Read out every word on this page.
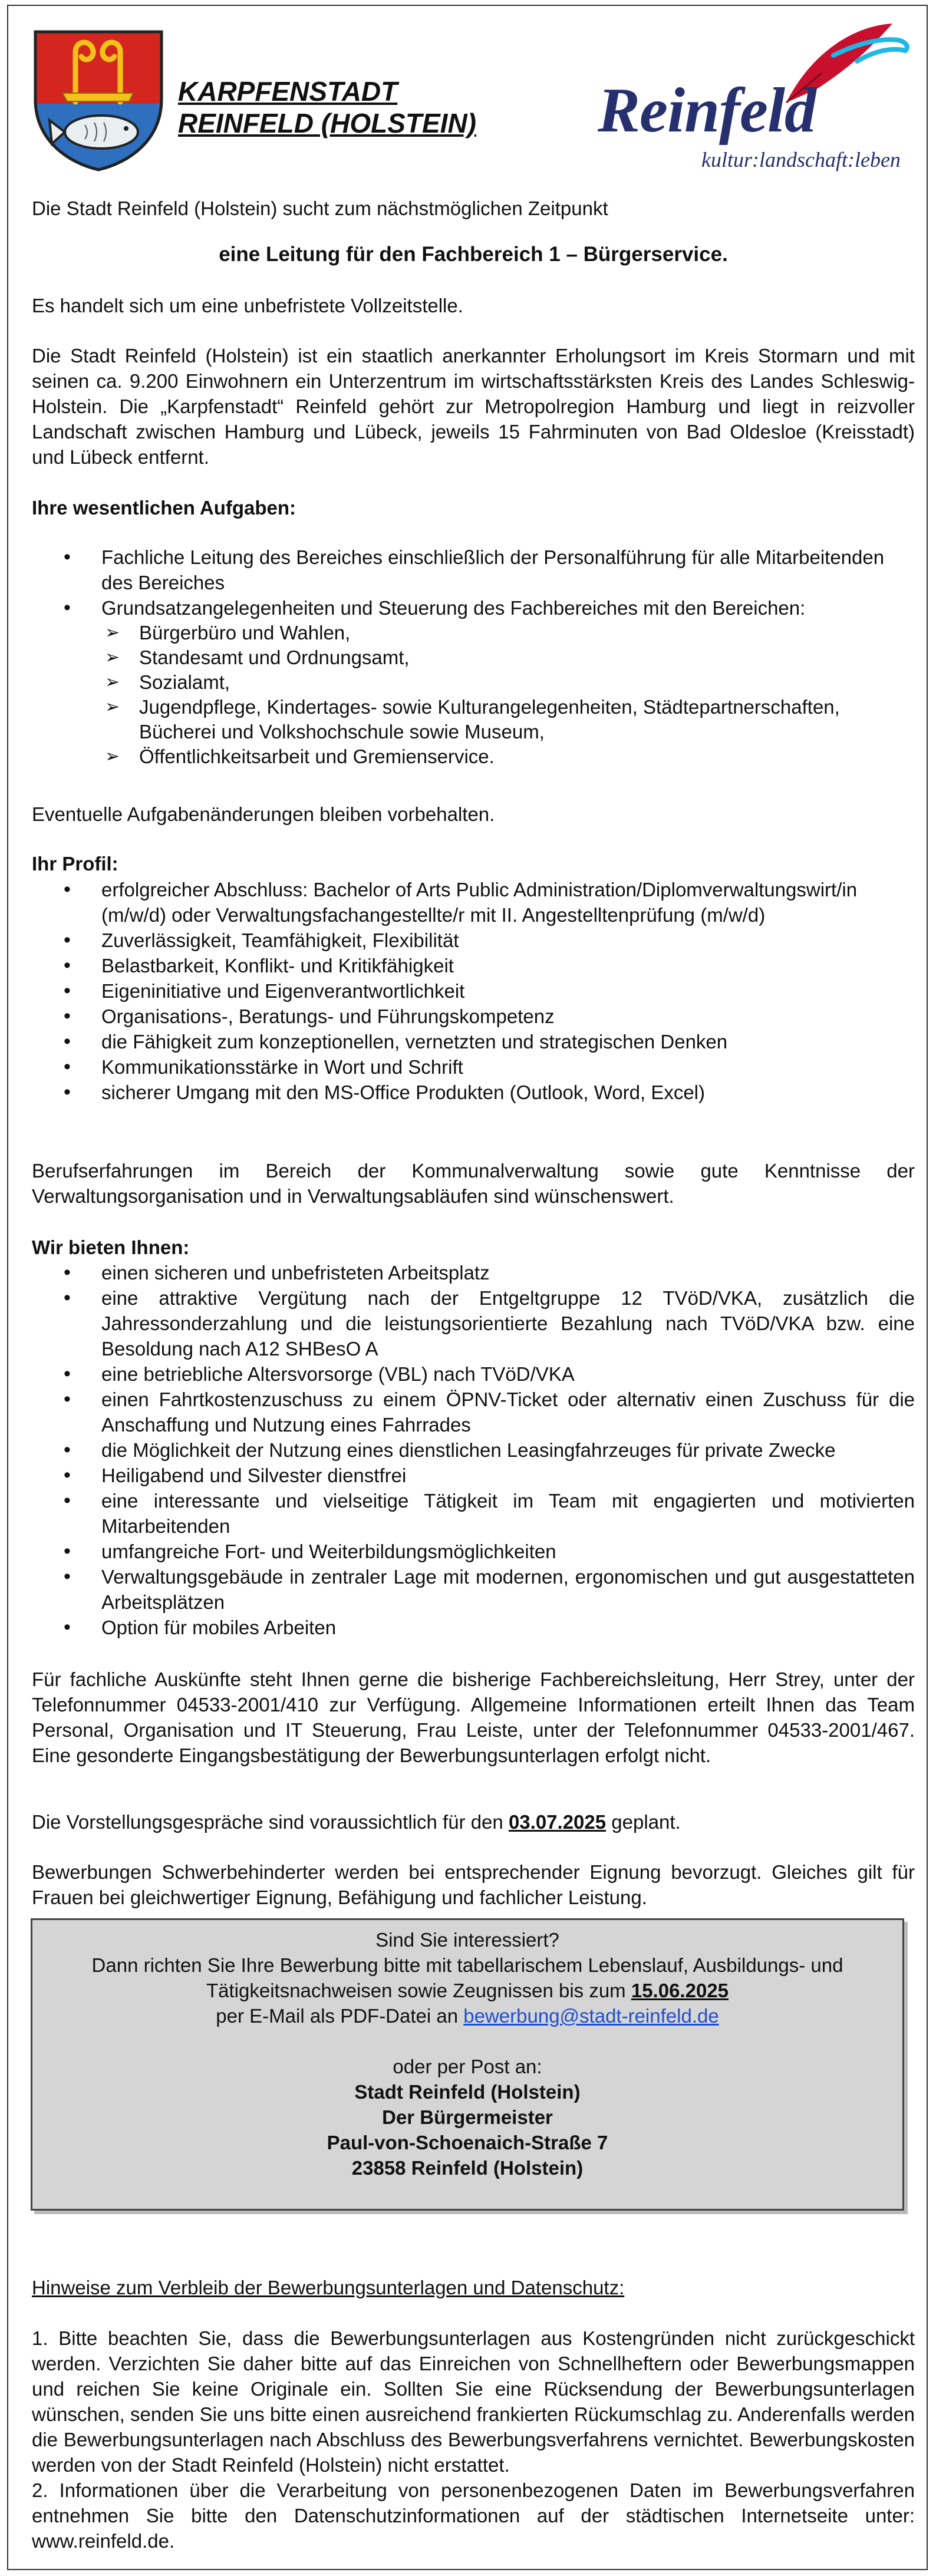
KARPFENSTADT
REINFELD (HOLSTEIN) Reinfeld
kultur:landschaft:leben

Die Stadt Reinfeld (Holstein) sucht zum nächstmöglichen Zeitpunkt

eine Leitung für den Fachbereich 1 – Bürgerservice.

Es handelt sich um eine unbefristete Vollzeitstelle.

Die Stadt Reinfeld (Holstein) ist ein staatlich anerkannter Erholungsort im Kreis Stormarn und mit seinen ca. 9.200 Einwohnern ein Unterzentrum im wirtschaftsstärksten Kreis des Landes Schleswig-Holstein. Die „Karpfenstadt“ Reinfeld gehört zur Metropolregion Hamburg und liegt in reizvoller Landschaft zwischen Hamburg und Lübeck, jeweils 15 Fahrminuten von Bad Oldesloe (Kreisstadt) und Lübeck entfernt.

Ihre wesentlichen Aufgaben:

• Fachliche Leitung des Bereiches einschließlich der Personalführung für alle Mitarbeitenden des Bereiches
• Grundsatzangelegenheiten und Steuerung des Fachbereiches mit den Bereichen:
➢ Bürgerbüro und Wahlen,
➢ Standesamt und Ordnungsamt,
➢ Sozialamt,
➢ Jugendpflege, Kindertages- sowie Kulturangelegenheiten, Städtepartnerschaften, Bücherei und Volkshochschule sowie Museum,
➢ Öffentlichkeitsarbeit und Gremienservice.

Eventuelle Aufgabenänderungen bleiben vorbehalten.

Ihr Profil:

• erfolgreicher Abschluss: Bachelor of Arts Public Administration/Diplomverwaltungswirt/in (m/w/d) oder Verwaltungsfachangestellte/r mit II. Angestelltenprüfung (m/w/d)
• Zuverlässigkeit, Teamfähigkeit, Flexibilität
• Belastbarkeit, Konflikt- und Kritikfähigkeit
• Eigeninitiative und Eigenverantwortlichkeit
• Organisations-, Beratungs- und Führungskompetenz
• die Fähigkeit zum konzeptionellen, vernetzten und strategischen Denken
• Kommunikationsstärke in Wort und Schrift
• sicherer Umgang mit den MS-Office Produkten (Outlook, Word, Excel)

Berufserfahrungen im Bereich der Kommunalverwaltung sowie gute Kenntnisse der Verwaltungsorganisation und in Verwaltungsabläufen sind wünschenswert.

Wir bieten Ihnen:

• einen sicheren und unbefristeten Arbeitsplatz
• eine attraktive Vergütung nach der Entgeltgruppe 12 TVöD/VKA, zusätzlich die Jahressonderzahlung und die leistungsorientierte Bezahlung nach TVöD/VKA bzw. eine Besoldung nach A12 SHBesO A
• eine betriebliche Altersvorsorge (VBL) nach TVöD/VKA
• einen Fahrtkostenzuschuss zu einem ÖPNV-Ticket oder alternativ einen Zuschuss für die Anschaffung und Nutzung eines Fahrrades
• die Möglichkeit der Nutzung eines dienstlichen Leasingfahrzeuges für private Zwecke
• Heiligabend und Silvester dienstfrei
• eine interessante und vielseitige Tätigkeit im Team mit engagierten und motivierten Mitarbeitenden
• umfangreiche Fort- und Weiterbildungsmöglichkeiten
• Verwaltungsgebäude in zentraler Lage mit modernen, ergonomischen und gut ausgestatteten Arbeitsplätzen
• Option für mobiles Arbeiten

Für fachliche Auskünfte steht Ihnen gerne die bisherige Fachbereichsleitung, Herr Strey, unter der Telefonnummer 04533-2001/410 zur Verfügung. Allgemeine Informationen erteilt Ihnen das Team Personal, Organisation und IT Steuerung, Frau Leiste, unter der Telefonnummer 04533-2001/467. Eine gesonderte Eingangsbestätigung der Bewerbungsunterlagen erfolgt nicht.

Die Vorstellungsgespräche sind voraussichtlich für den 03.07.2025 geplant.

Bewerbungen Schwerbehinderter werden bei entsprechender Eignung bevorzugt. Gleiches gilt für Frauen bei gleichwertiger Eignung, Befähigung und fachlicher Leistung.

Sind Sie interessiert?

Dann richten Sie Ihre Bewerbung bitte mit tabellarischem Lebenslauf, Ausbildungs- und

Tätigkeitsnachweisen sowie Zeugnissen bis zum 15.06.2025

per E-Mail als PDF-Datei an bewerbung@stadt-reinfeld.de

oder per Post an:

Stadt Reinfeld (Holstein)

Der Bürgermeister

Paul-von-Schoenaich-Straße 7

23858 Reinfeld (Holstein)

Hinweise zum Verbleib der Bewerbungsunterlagen und Datenschutz:

1. Bitte beachten Sie, dass die Bewerbungsunterlagen aus Kostengründen nicht zurückgeschickt werden. Verzichten Sie daher bitte auf das Einreichen von Schnellheftern oder Bewerbungsmappen und reichen Sie keine Originale ein. Sollten Sie eine Rücksendung der Bewerbungsunterlagen wünschen, senden Sie uns bitte einen ausreichend frankierten Rückumschlag zu. Anderenfalls werden die Bewerbungsunterlagen nach Abschluss des Bewerbungsverfahrens vernichtet. Bewerbungskosten werden von der Stadt Reinfeld (Holstein) nicht erstattet.

2. Informationen über die Verarbeitung von personenbezogenen Daten im Bewerbungsverfahren entnehmen Sie bitte den Datenschutzinformationen auf der städtischen Internetseite unter: www.reinfeld.de.
